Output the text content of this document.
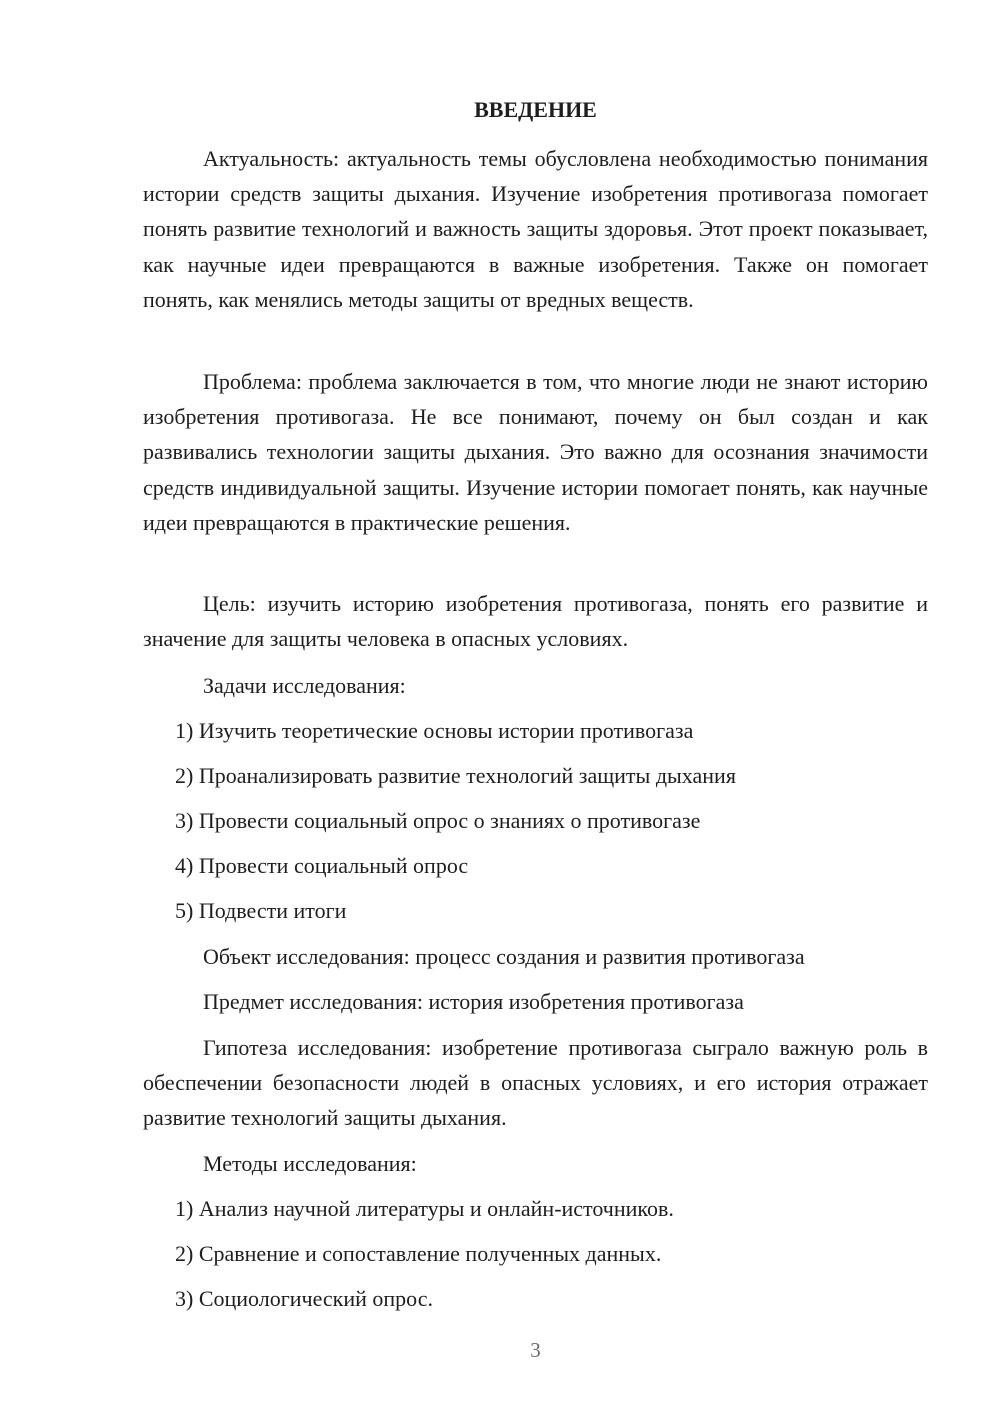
ВВЕДЕНИЕ

Актуальность: актуальность темы обусловлена необходимостью понимания истории средств защиты дыхания. Изучение изобретения противогаза помогает понять развитие технологий и важность защиты здоровья. Этот проект показывает, как научные идеи превращаются в важные изобретения. Также он помогает понять, как менялись методы защиты от вредных веществ.

Проблема: проблема заключается в том, что многие люди не знают историю изобретения противогаза. Не все понимают, почему он был создан и как развивались технологии защиты дыхания. Это важно для осознания значимости средств индивидуальной защиты. Изучение истории помогает понять, как научные идеи превращаются в практические решения.

Цель: изучить историю изобретения противогаза, понять его развитие и значение для защиты человека в опасных условиях.

Задачи исследования:

1) Изучить теоретические основы истории противогаза

2) Проанализировать развитие технологий защиты дыхания

3) Провести социальный опрос о знаниях о противогазе

4) Провести социальный опрос

5) Подвести итоги

Объект исследования: процесс создания и развития противогаза

Предмет исследования: история изобретения противогаза

Гипотеза исследования: изобретение противогаза сыграло важную роль в обеспечении безопасности людей в опасных условиях, и его история отражает развитие технологий защиты дыхания.

Методы исследования:

1) Анализ научной литературы и онлайн-источников.

2) Сравнение и сопоставление полученных данных.

3) Социологический опрос.

3
